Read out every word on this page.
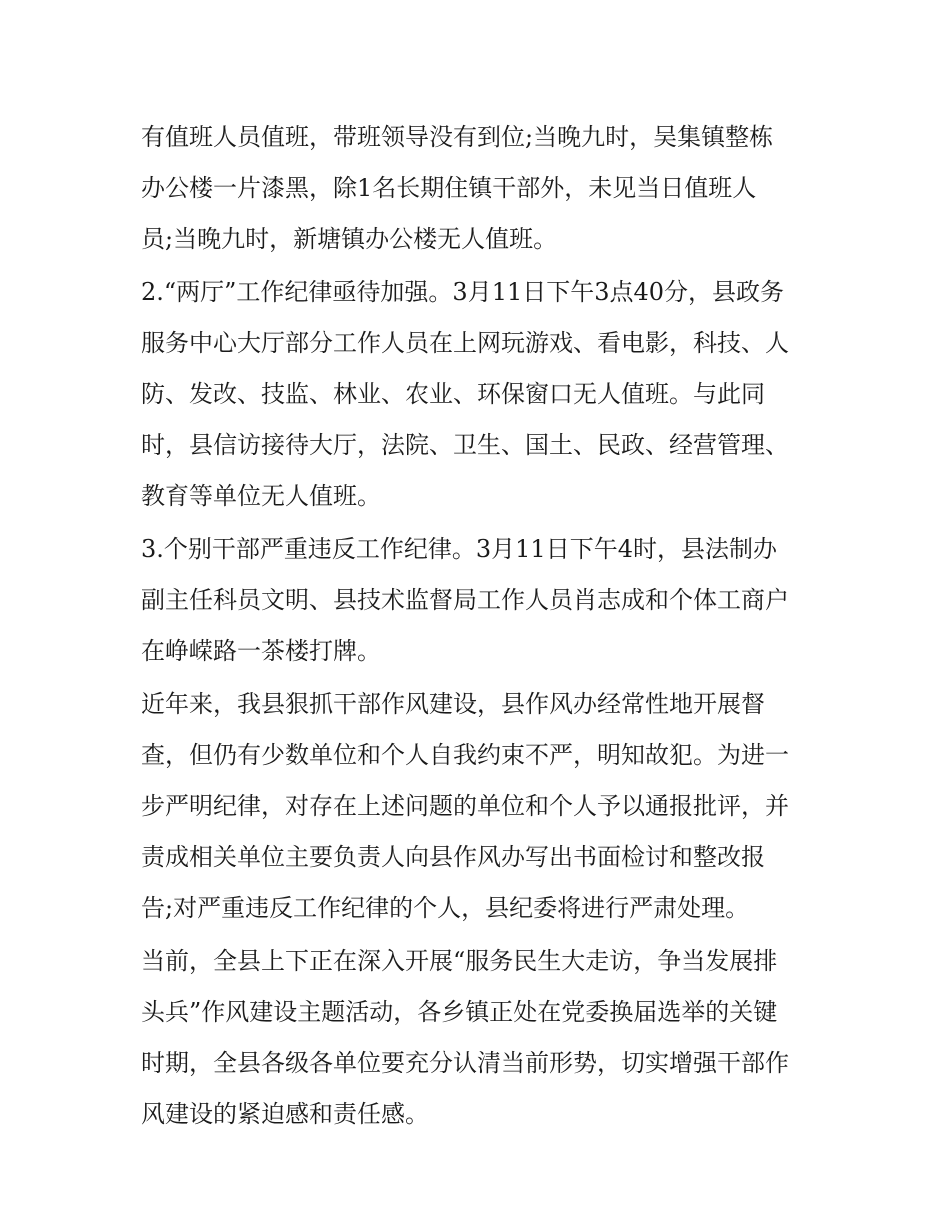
有值班人员值班，带班领导没有到位;当晚九时，吴集镇整栋
办公楼一片漆黑，除1名长期住镇干部外，未见当日值班人
员;当晚九时，新塘镇办公楼无人值班。

2.“两厅”工作纪律亟待加强。3月11日下午3点40分，县政务
服务中心大厅部分工作人员在上网玩游戏、看电影，科技、人
防、发改、技监、林业、农业、环保窗口无人值班。与此同
时，县信访接待大厅，法院、卫生、国土、民政、经营管理、
教育等单位无人值班。

3.个别干部严重违反工作纪律。3月11日下午4时，县法制办
副主任科员文明、县技术监督局工作人员肖志成和个体工商户
在峥嵘路一茶楼打牌。

近年来，我县狠抓干部作风建设，县作风办经常性地开展督
查，但仍有少数单位和个人自我约束不严，明知故犯。为进一
步严明纪律，对存在上述问题的单位和个人予以通报批评，并
责成相关单位主要负责人向县作风办写出书面检讨和整改报
告;对严重违反工作纪律的个人，县纪委将进行严肃处理。

当前，全县上下正在深入开展“服务民生大走访，争当发展排
头兵”作风建设主题活动，各乡镇正处在党委换届选举的关键
时期，全县各级各单位要充分认清当前形势，切实增强干部作
风建设的紧迫感和责任感。
